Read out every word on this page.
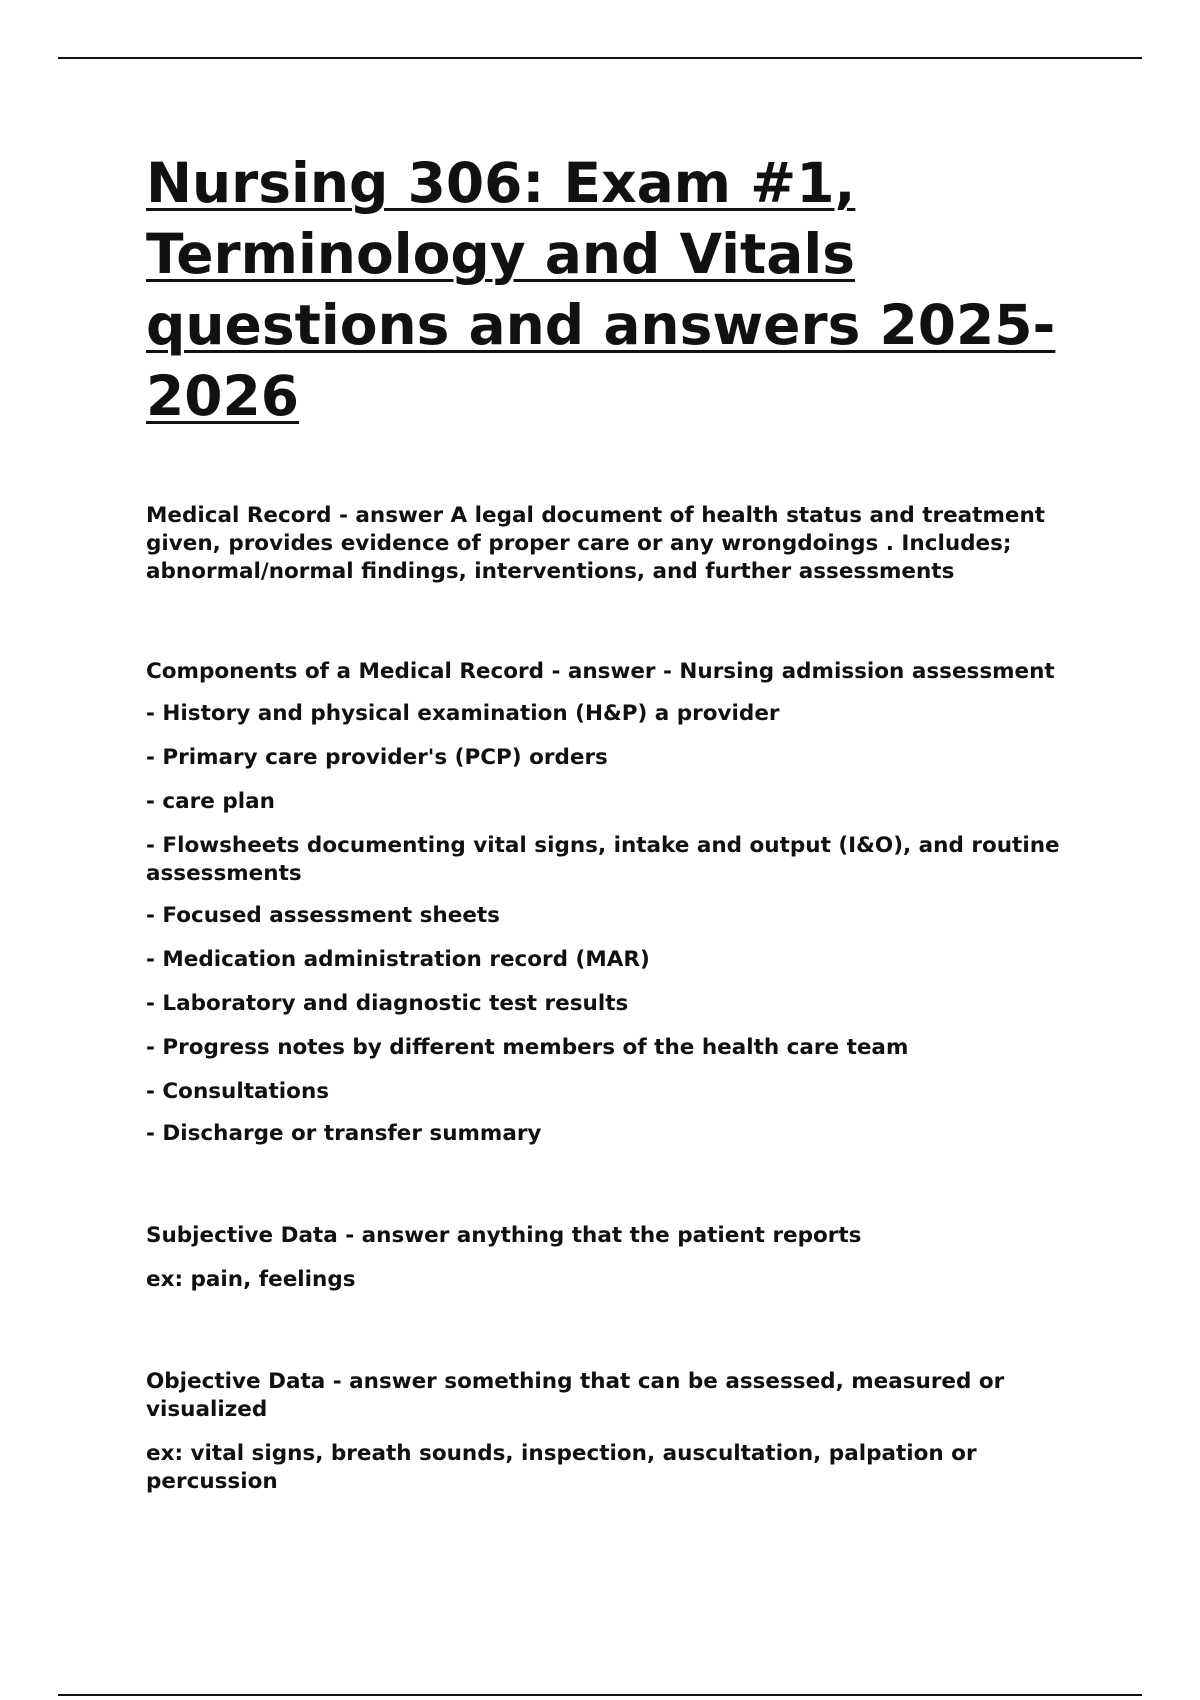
Nursing 306: Exam #1,
Terminology and Vitals
questions and answers 2025-
2026

Medical Record - answer A legal document of health status and treatment given, provides evidence of proper care or any wrongdoings . Includes; abnormal/normal findings, interventions, and further assessments

Components of a Medical Record - answer - Nursing admission assessment

- History and physical examination (H&P) a provider

- Primary care provider's (PCP) orders

- care plan

- Flowsheets documenting vital signs, intake and output (I&O), and routine assessments

- Focused assessment sheets

- Medication administration record (MAR)

- Laboratory and diagnostic test results

- Progress notes by different members of the health care team

- Consultations

- Discharge or transfer summary

Subjective Data - answer anything that the patient reports

ex: pain, feelings

Objective Data - answer something that can be assessed, measured or visualized

ex: vital signs, breath sounds, inspection, auscultation, palpation or percussion
